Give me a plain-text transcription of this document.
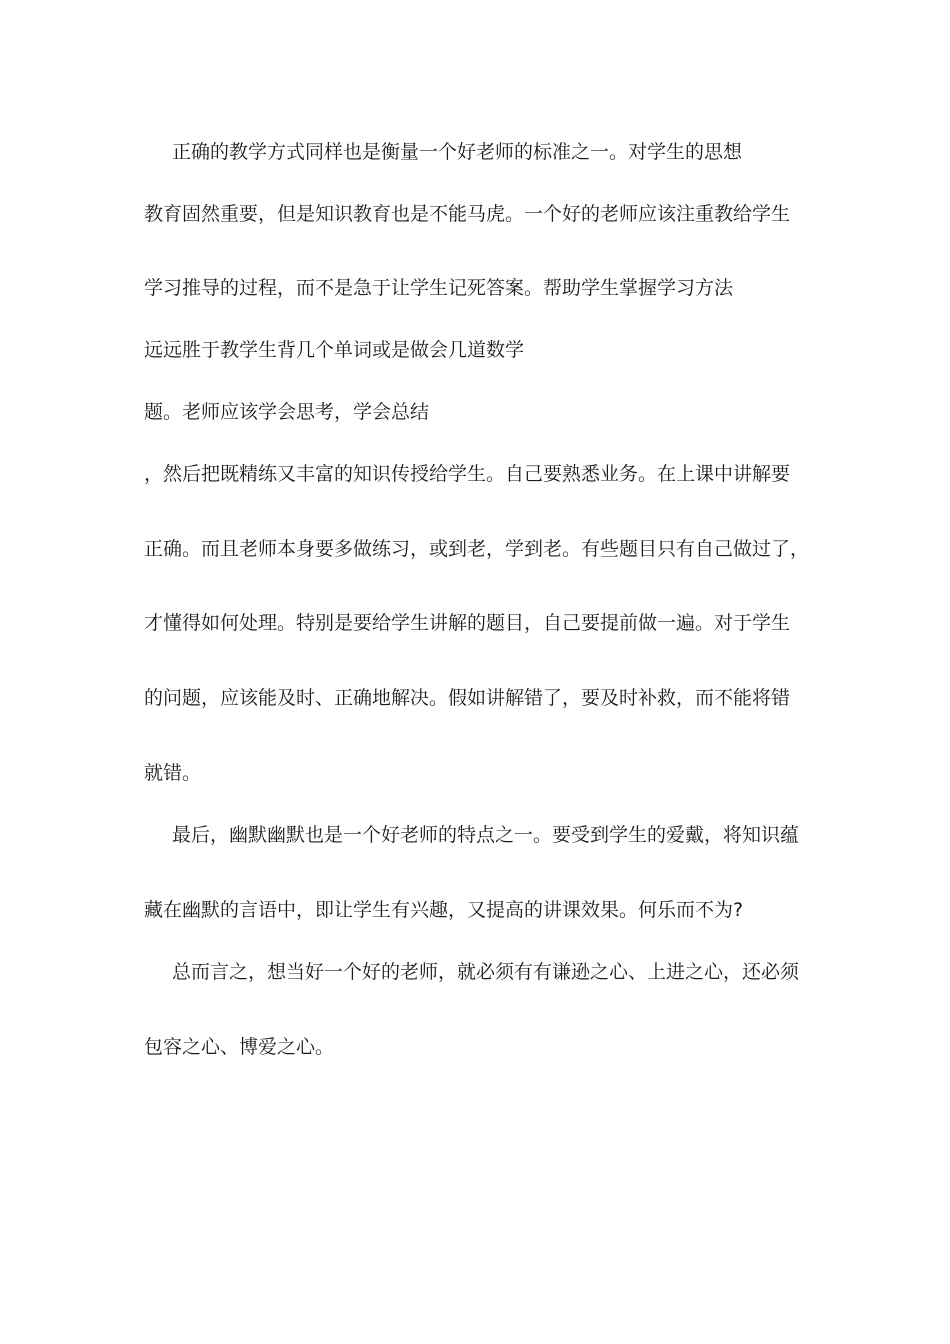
正确的教学方式同样也是衡量一个好老师的标准之一。对学生的思想

教育固然重要，但是知识教育也是不能马虎。一个好的老师应该注重教给学生

学习推导的过程，而不是急于让学生记死答案。帮助学生掌握学习方法

远远胜于教学生背几个单词或是做会几道数学

题。老师应该学会思考，学会总结

，然后把既精练又丰富的知识传授给学生。自己要熟悉业务。在上课中讲解要

正确。而且老师本身要多做练习，或到老，学到老。有些题目只有自己做过了，

才懂得如何处理。特别是要给学生讲解的题目，自己要提前做一遍。对于学生

的问题，应该能及时、正确地解决。假如讲解错了，要及时补救，而不能将错

就错。

最后，幽默幽默也是一个好老师的特点之一。要受到学生的爱戴，将知识蕴

藏在幽默的言语中，即让学生有兴趣，又提高的讲课效果。何乐而不为?

总而言之，想当好一个好的老师，就必须有有谦逊之心、上进之心，还必须

包容之心、博爱之心。
